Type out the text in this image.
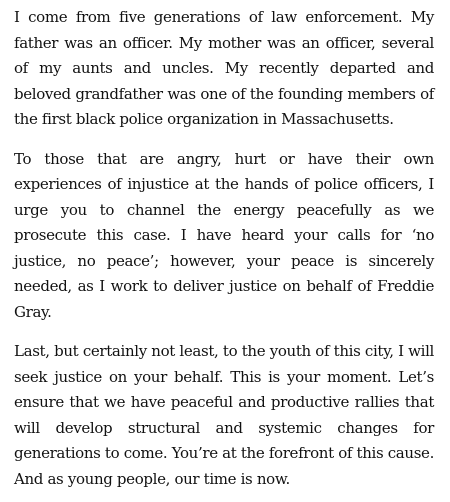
I come from five generations of law enforcement. My father was an officer. My mother was an officer, several of my aunts and uncles. My recently departed and beloved grandfather was one of the founding members of the first black police organization in Massachusetts.

To those that are angry, hurt or have their own experiences of injustice at the hands of police officers, I urge you to channel the energy peacefully as we prosecute this case. I have heard your calls for ‘no justice, no peace’; however, your peace is sincerely needed, as I work to deliver justice on behalf of Freddie Gray.

Last, but certainly not least, to the youth of this city, I will seek justice on your behalf. This is your moment. Let’s ensure that we have peaceful and productive rallies that will develop structural and systemic changes for generations to come. You’re at the forefront of this cause. And as young people, our time is now.
